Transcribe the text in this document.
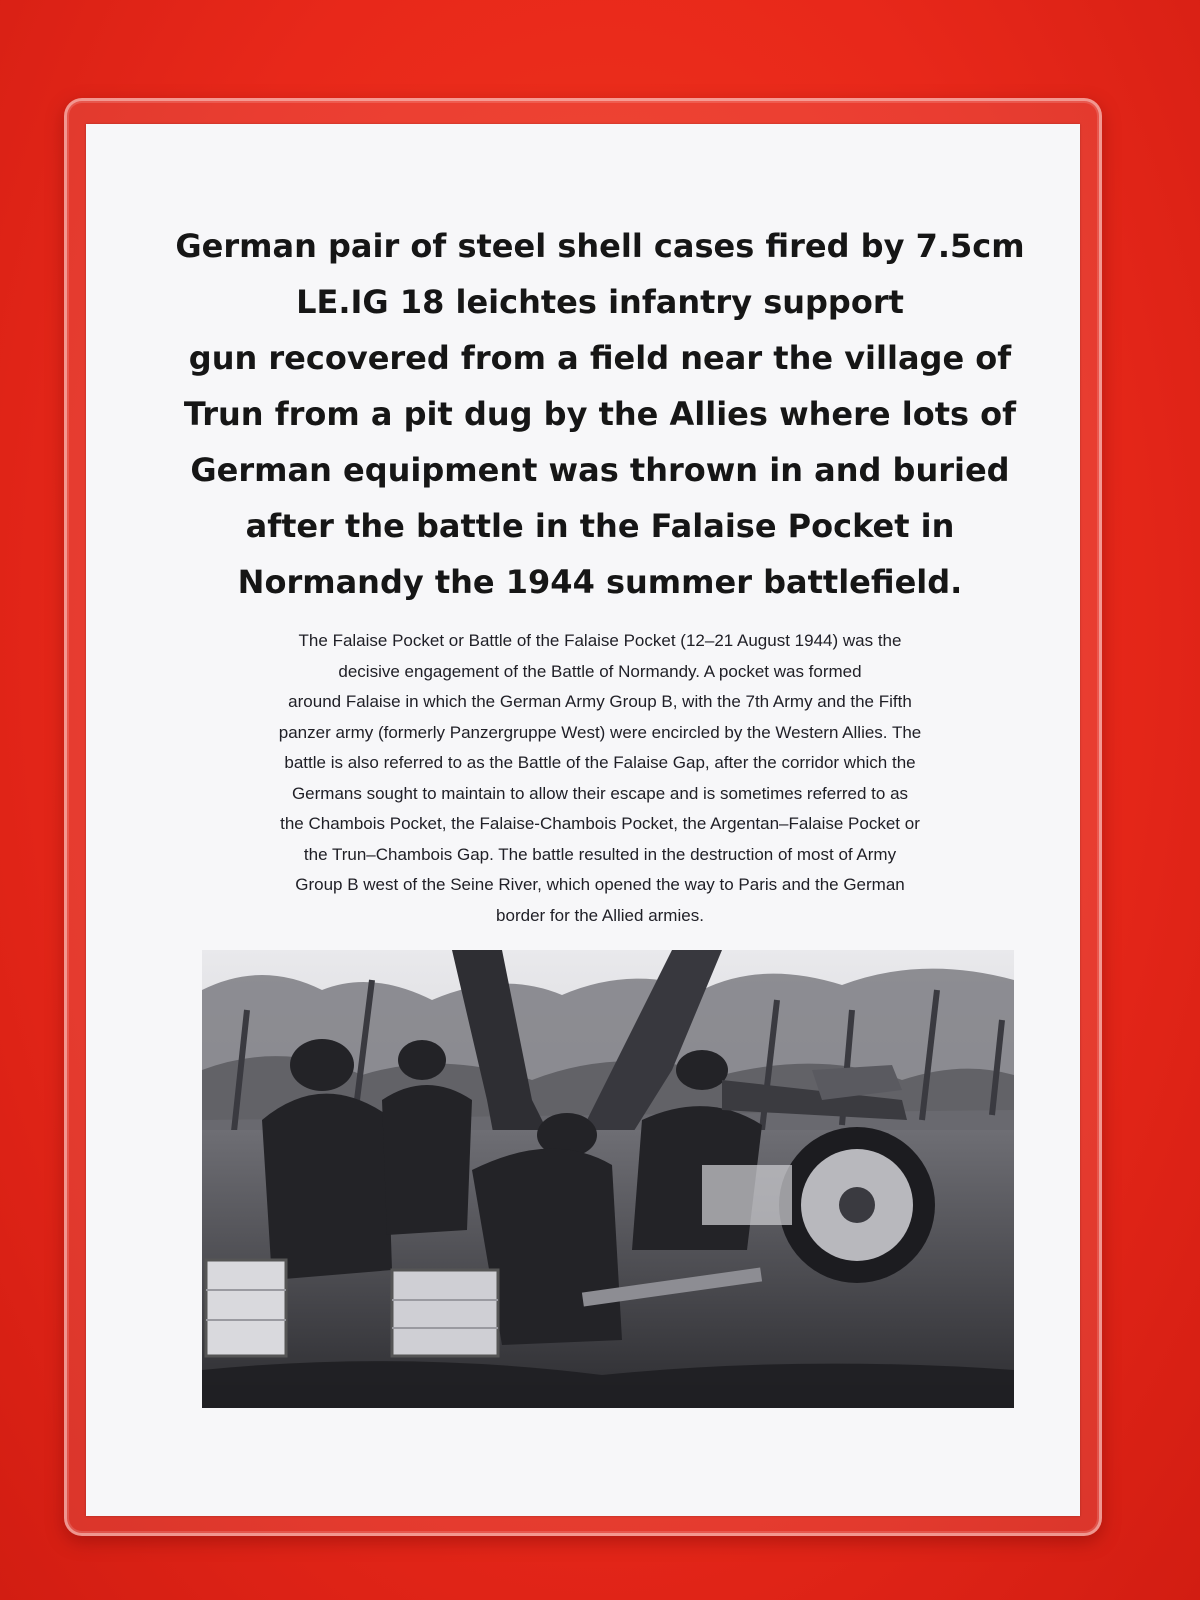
German pair of steel shell cases fired by 7.5cm
LE.IG 18 leichtes infantry support
gun recovered from a field near the village of
Trun from a pit dug by the Allies where lots of
German equipment was thrown in and buried
after the battle in the Falaise Pocket in
Normandy the 1944 summer battlefield.

The Falaise Pocket or Battle of the Falaise Pocket (12–21 August 1944) was the
decisive engagement of the Battle of Normandy. A pocket was formed
around Falaise in which the German Army Group B, with the 7th Army and the Fifth
panzer army (formerly Panzergruppe West) were encircled by the Western Allies. The
battle is also referred to as the Battle of the Falaise Gap, after the corridor which the
Germans sought to maintain to allow their escape and is sometimes referred to as
the Chambois Pocket, the Falaise-Chambois Pocket, the Argentan–Falaise Pocket or
the Trun–Chambois Gap. The battle resulted in the destruction of most of Army
Group B west of the Seine River, which opened the way to Paris and the German
border for the Allied armies.
